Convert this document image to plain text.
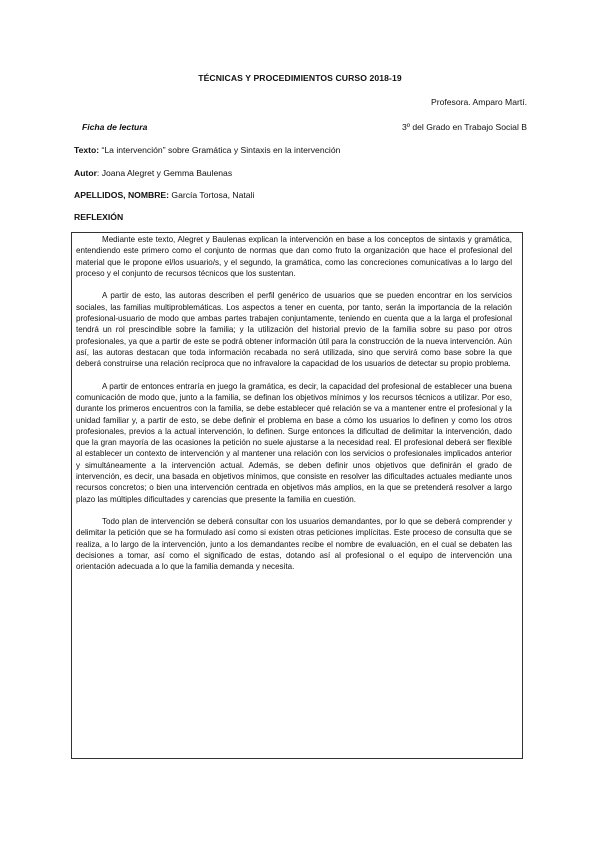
TÉCNICAS Y PROCEDIMIENTOS CURSO 2018-19
Profesora. Amparo Martí.
Ficha de lectura	3º del Grado en Trabajo Social B
Texto: “La intervención” sobre Gramática y Sintaxis en la intervención
Autor: Joana Alegret y Gemma Baulenas
APELLIDOS, NOMBRE: García Tortosa, Natali
REFLEXIÓN

Mediante este texto, Alegret y Baulenas explican la intervención en base a los conceptos de sintaxis y gramática, entendiendo este primero como el conjunto de normas que dan como fruto la organización que hace el profesional del material que le propone el/los usuario/s, y el segundo, la gramática, como las concreciones comunicativas a lo largo del proceso y el conjunto de recursos técnicos que los sustentan.

A partir de esto, las autoras describen el perfil genérico de usuarios que se pueden encontrar en los servicios sociales, las familias multiproblemáticas. Los aspectos a tener en cuenta, por tanto, serán la importancia de la relación profesional-usuario de modo que ambas partes trabajen conjuntamente, teniendo en cuenta que a la larga el profesional tendrá un rol prescindible sobre la familia; y la utilización del historial previo de la familia sobre su paso por otros profesionales, ya que a partir de este se podrá obtener información útil para la construcción de la nueva intervención. Aún así, las autoras destacan que toda información recabada no será utilizada, sino que servirá como base sobre la que deberá construirse una relación recíproca que no infravalore la capacidad de los usuarios de detectar su propio problema.

A partir de entonces entraría en juego la gramática, es decir, la capacidad del profesional de establecer una buena comunicación de modo que, junto a la familia, se definan los objetivos mínimos y los recursos técnicos a utilizar. Por eso, durante los primeros encuentros con la familia, se debe establecer qué relación se va a mantener entre el profesional y la unidad familiar y, a partir de esto, se debe definir el problema en base a cómo los usuarios lo definen y como los otros profesionales, previos a la actual intervención, lo definen. Surge entonces la dificultad de delimitar la intervención, dado que la gran mayoría de las ocasiones la petición no suele ajustarse a la necesidad real. El profesional deberá ser flexible al establecer un contexto de intervención y al mantener una relación con los servicios o profesionales implicados anterior y simultáneamente a la intervención actual. Además, se deben definir unos objetivos que definirán el grado de intervención, es decir, una basada en objetivos mínimos, que consiste en resolver las dificultades actuales mediante unos recursos concretos; o bien una intervención centrada en objetivos más amplios, en la que se pretenderá resolver a largo plazo las múltiples dificultades y carencias que presente la familia en cuestión.

Todo plan de intervención se deberá consultar con los usuarios demandantes, por lo que se deberá comprender y delimitar la petición que se ha formulado así como si existen otras peticiones implícitas. Este proceso de consulta que se realiza, a lo largo de la intervención, junto a los demandantes recibe el nombre de evaluación, en el cual se debaten las decisiones a tomar, así como el significado de estas, dotando así al profesional o el equipo de intervención una orientación adecuada a lo que la familia demanda y necesita.
